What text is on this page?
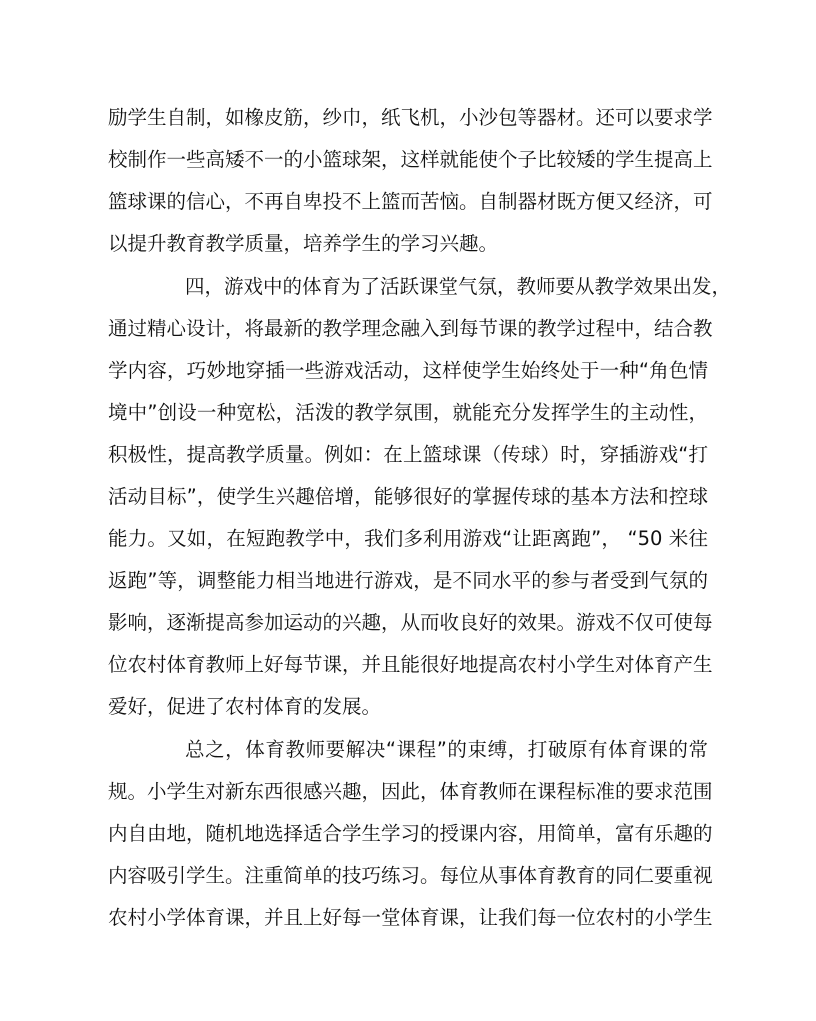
励学生自制，如橡皮筋，纱巾，纸飞机，小沙包等器材。还可以要求学
校制作一些高矮不一的小篮球架，这样就能使个子比较矮的学生提高上
篮球课的信心，不再自卑投不上篮而苦恼。自制器材既方便又经济，可
以提升教育教学质量，培养学生的学习兴趣。
四，游戏中的体育为了活跃课堂气氛，教师要从教学效果出发，
通过精心设计，将最新的教学理念融入到每节课的教学过程中，结合教
学内容，巧妙地穿插一些游戏活动，这样使学生始终处于一种“角色情
境中”创设一种宽松，活泼的教学氛围，就能充分发挥学生的主动性，
积极性，提高教学质量。例如：在上篮球课（传球）时，穿插游戏“打
活动目标”，使学生兴趣倍增，能够很好的掌握传球的基本方法和控球
能力。又如，在短跑教学中，我们多利用游戏“让距离跑”， “50 米往
返跑”等，调整能力相当地进行游戏，是不同水平的参与者受到气氛的
影响，逐渐提高参加运动的兴趣，从而收良好的效果。游戏不仅可使每
位农村体育教师上好每节课，并且能很好地提高农村小学生对体育产生
爱好，促进了农村体育的发展。
总之，体育教师要解决“课程”的束缚，打破原有体育课的常
规。小学生对新东西很感兴趣，因此，体育教师在课程标准的要求范围
内自由地，随机地选择适合学生学习的授课内容，用简单，富有乐趣的
内容吸引学生。注重简单的技巧练习。每位从事体育教育的同仁要重视
农村小学体育课，并且上好每一堂体育课，让我们每一位农村的小学生
